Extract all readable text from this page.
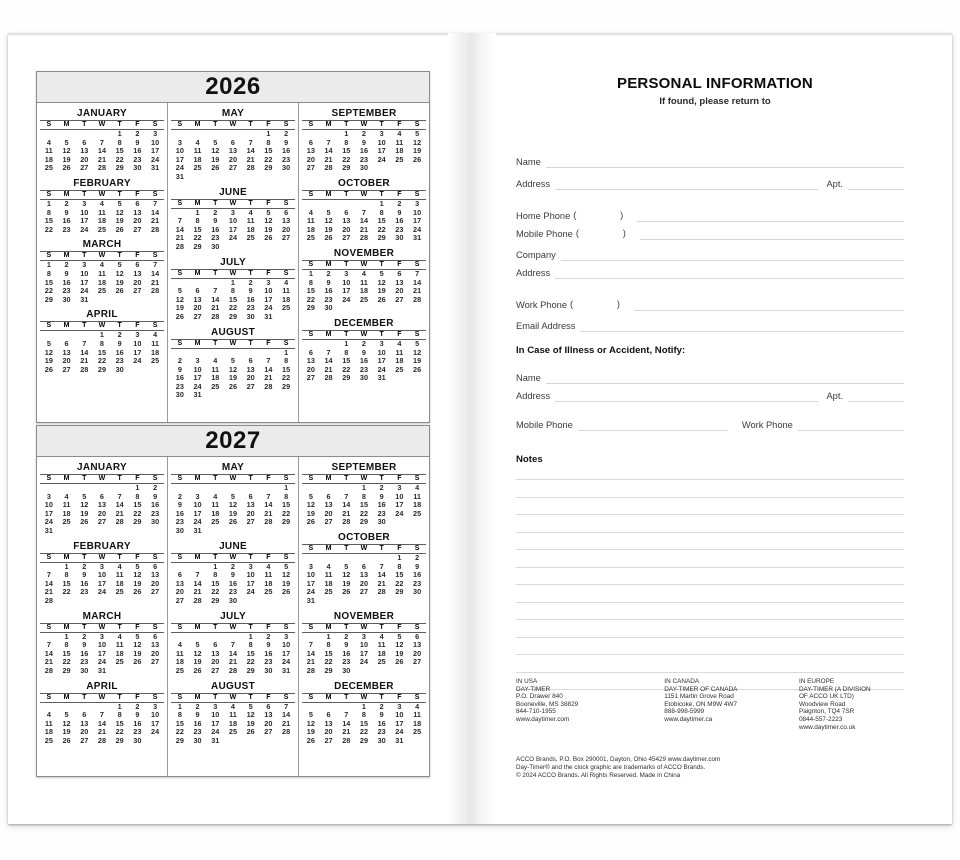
2026
JANUARY
S	M	T	W	T	F	S
				1	2	3
4	5	6	7	8	9	10
11	12	13	14	15	16	17
18	19	20	21	22	23	24
25	26	27	28	29	30	31
FEBRUARY
S	M	T	W	T	F	S
1	2	3	4	5	6	7
8	9	10	11	12	13	14
15	16	17	18	19	20	21
22	23	24	25	26	27	28
MARCH
S	M	T	W	T	F	S
1	2	3	4	5	6	7
8	9	10	11	12	13	14
15	16	17	18	19	20	21
22	23	24	25	26	27	28
29	30	31				
APRIL
S	M	T	W	T	F	S
			1	2	3	4
5	6	7	8	9	10	11
12	13	14	15	16	17	18
19	20	21	22	23	24	25
26	27	28	29	30		
MAY
S	M	T	W	T	F	S
					1	2
3	4	5	6	7	8	9
10	11	12	13	14	15	16
17	18	19	20	21	22	23
24	25	26	27	28	29	30
31						
JUNE
S	M	T	W	T	F	S
	1	2	3	4	5	6
7	8	9	10	11	12	13
14	15	16	17	18	19	20
21	22	23	24	25	26	27
28	29	30				
JULY
S	M	T	W	T	F	S
			1	2	3	4
5	6	7	8	9	10	11
12	13	14	15	16	17	18
19	20	21	22	23	24	25
26	27	28	29	30	31	
AUGUST
S	M	T	W	T	F	S
						1
2	3	4	5	6	7	8
9	10	11	12	13	14	15
16	17	18	19	20	21	22
23	24	25	26	27	28	29
30	31					
SEPTEMBER
S	M	T	W	T	F	S
		1	2	3	4	5
6	7	8	9	10	11	12
13	14	15	16	17	18	19
20	21	22	23	24	25	26
27	28	29	30			
OCTOBER
S	M	T	W	T	F	S
				1	2	3
4	5	6	7	8	9	10
11	12	13	14	15	16	17
18	19	20	21	22	23	24
25	26	27	28	29	30	31
NOVEMBER
S	M	T	W	T	F	S
1	2	3	4	5	6	7
8	9	10	11	12	13	14
15	16	17	18	19	20	21
22	23	24	25	26	27	28
29	30					
DECEMBER
S	M	T	W	T	F	S
		1	2	3	4	5
6	7	8	9	10	11	12
13	14	15	16	17	18	19
20	21	22	23	24	25	26
27	28	29	30	31		
2027
JANUARY
S	M	T	W	T	F	S
					1	2
3	4	5	6	7	8	9
10	11	12	13	14	15	16
17	18	19	20	21	22	23
24	25	26	27	28	29	30
31						
FEBRUARY
S	M	T	W	T	F	S
	1	2	3	4	5	6
7	8	9	10	11	12	13
14	15	16	17	18	19	20
21	22	23	24	25	26	27
28						
MARCH
S	M	T	W	T	F	S
	1	2	3	4	5	6
7	8	9	10	11	12	13
14	15	16	17	18	19	20
21	22	23	24	25	26	27
28	29	30	31			
APRIL
S	M	T	W	T	F	S
				1	2	3
4	5	6	7	8	9	10
11	12	13	14	15	16	17
18	19	20	21	22	23	24
25	26	27	28	29	30	
MAY
S	M	T	W	T	F	S
						1
2	3	4	5	6	7	8
9	10	11	12	13	14	15
16	17	18	19	20	21	22
23	24	25	26	27	28	29
30	31					
JUNE
S	M	T	W	T	F	S
		1	2	3	4	5
6	7	8	9	10	11	12
13	14	15	16	17	18	19
20	21	22	23	24	25	26
27	28	29	30			
JULY
S	M	T	W	T	F	S
				1	2	3
4	5	6	7	8	9	10
11	12	13	14	15	16	17
18	19	20	21	22	23	24
25	26	27	28	29	30	31
AUGUST
S	M	T	W	T	F	S
1	2	3	4	5	6	7
8	9	10	11	12	13	14
15	16	17	18	19	20	21
22	23	24	25	26	27	28
29	30	31				
SEPTEMBER
S	M	T	W	T	F	S
			1	2	3	4
5	6	7	8	9	10	11
12	13	14	15	16	17	18
19	20	21	22	23	24	25
26	27	28	29	30		
OCTOBER
S	M	T	W	T	F	S
					1	2
3	4	5	6	7	8	9
10	11	12	13	14	15	16
17	18	19	20	21	22	23
24	25	26	27	28	29	30
31						
NOVEMBER
S	M	T	W	T	F	S
	1	2	3	4	5	6
7	8	9	10	11	12	13
14	15	16	17	18	19	20
21	22	23	24	25	26	27
28	29	30				
DECEMBER
S	M	T	W	T	F	S
			1	2	3	4
5	6	7	8	9	10	11
12	13	14	15	16	17	18
19	20	21	22	23	24	25
26	27	28	29	30	31	
PERSONAL INFORMATION
If found, please return to
Name
Address	Apt.
Home Phone (   )
Mobile Phone (   )
Company
Address
Work Phone (   )
Email Address
In Case of Illness or Accident, Notify:
Name
Address	Apt.
Mobile Phone	Work Phone
Notes
IN USA
DAY-TIMER
P.O. Drawer 840
Booneville, MS 38829
844-710-1955
www.daytimer.com
IN CANADA
DAY-TIMER OF CANADA
1151 Martin Grove Road
Etobicoke, ON M9W 4W7
888-998-5999
www.daytimer.ca
IN EUROPE
DAY-TIMER (A DIVISION
OF ACCO UK LTD)
Woodview Road
Paignton, TQ4 7SR
0844-557-2223
www.daytimer.co.uk
ACCO Brands, P.O. Box 290001, Dayton, Ohio 45429 www.daytimer.com
Day-Timer® and the clock graphic are trademarks of ACCO Brands.
© 2024 ACCO Brands. All Rights Reserved. Made in China
